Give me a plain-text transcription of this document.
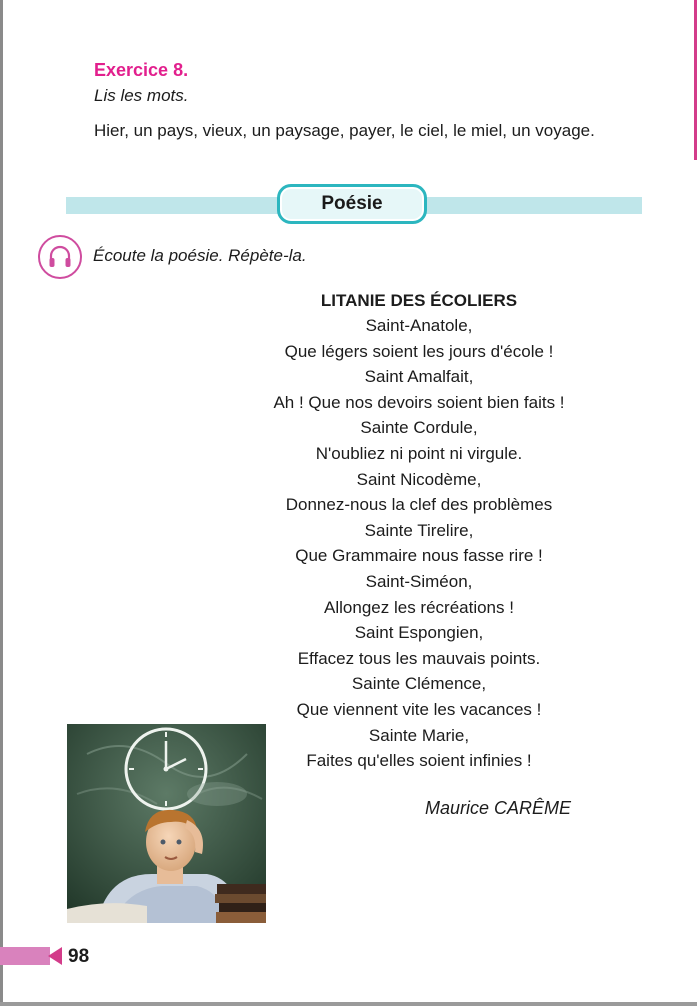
Exercice 8.
Lis les mots.
Hier, un pays, vieux, un paysage, payer, le ciel, le miel, un voyage.
Poésie
Écoute la poésie. Répète-la.
LITANIE DES ÉCOLIERS
Saint-Anatole,
Que légers soient les jours d'école !
Saint Amalfait,
Ah ! Que nos devoirs soient bien faits !
Sainte Cordule,
N'oubliez ni point ni virgule.
Saint Nicodème,
Donnez-nous la clef des problèmes
Sainte Tirelire,
Que Grammaire nous fasse rire !
Saint-Siméon,
Allongez les récréations !
Saint Espongien,
Effacez tous les mauvais points.
Sainte Clémence,
Que viennent vite les vacances !
Sainte Marie,
Faites qu'elles soient infinies !
Maurice CARÊME
98
